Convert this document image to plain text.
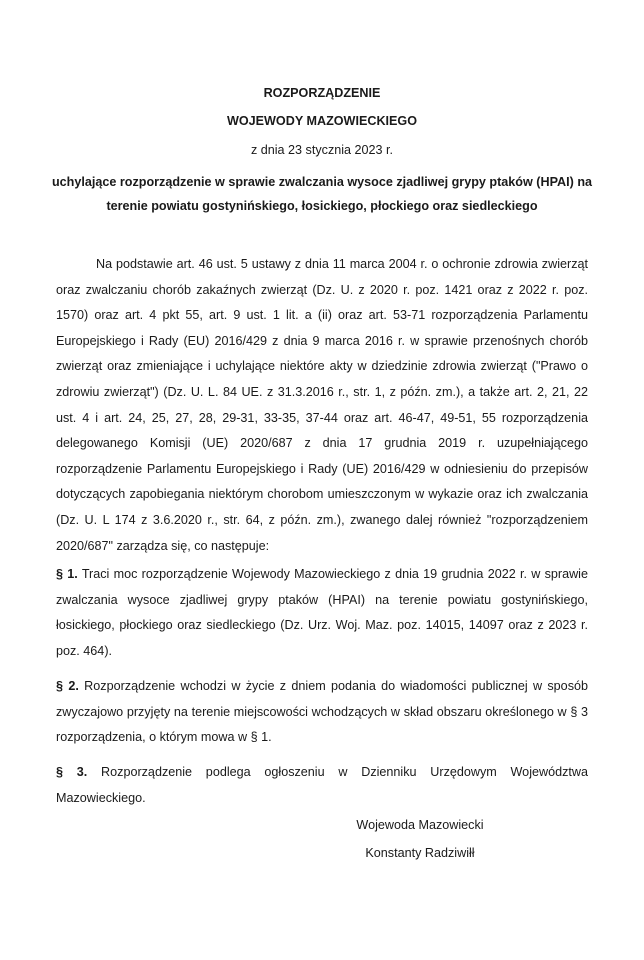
ROZPORZĄDZENIE
WOJEWODY MAZOWIECKIEGO
z dnia 23 stycznia 2023 r.
uchylające rozporządzenie w sprawie zwalczania wysoce zjadliwej grypy ptaków (HPAI) na terenie powiatu gostynińskiego, łosickiego, płockiego oraz siedleckiego
Na podstawie art. 46 ust. 5 ustawy z dnia 11 marca 2004 r. o ochronie zdrowia zwierząt oraz zwalczaniu chorób zakaźnych zwierząt (Dz. U. z 2020 r. poz. 1421 oraz z 2022 r. poz. 1570) oraz art. 4 pkt 55, art. 9 ust. 1 lit. a (ii) oraz art. 53-71 rozporządzenia Parlamentu Europejskiego i Rady (EU) 2016/429 z dnia 9 marca 2016 r. w sprawie przenośnych chorób zwierząt oraz zmieniające i uchylające niektóre akty w dziedzinie zdrowia zwierząt ("Prawo o zdrowiu zwierząt") (Dz. U. L. 84 UE. z 31.3.2016 r., str. 1, z późn. zm.), a także art. 2, 21, 22 ust. 4 i art. 24, 25, 27, 28, 29-31, 33-35, 37-44 oraz art. 46-47, 49-51, 55 rozporządzenia delegowanego Komisji (UE) 2020/687 z dnia 17 grudnia 2019 r. uzupełniającego rozporządzenie Parlamentu Europejskiego i Rady (UE) 2016/429 w odniesieniu do przepisów dotyczących zapobiegania niektórym chorobom umieszczonym w wykazie oraz ich zwalczania (Dz. U. L 174 z 3.6.2020 r., str. 64, z późn. zm.), zwanego dalej również "rozporządzeniem 2020/687" zarządza się, co następuje:
§ 1. Traci moc rozporządzenie Wojewody Mazowieckiego z dnia 19 grudnia 2022 r. w sprawie zwalczania wysoce zjadliwej grypy ptaków (HPAI) na terenie powiatu gostynińskiego, łosickiego, płockiego oraz siedleckiego (Dz. Urz. Woj. Maz. poz. 14015, 14097 oraz z 2023 r. poz. 464).
§ 2. Rozporządzenie wchodzi w życie z dniem podania do wiadomości publicznej w sposób zwyczajowo przyjęty na terenie miejscowości wchodzących w skład obszaru określonego w § 3 rozporządzenia, o którym mowa w § 1.
§ 3. Rozporządzenie podlega ogłoszeniu w Dzienniku Urzędowym Województwa Mazowieckiego.
Wojewoda Mazowiecki
Konstanty Radziwiłł
